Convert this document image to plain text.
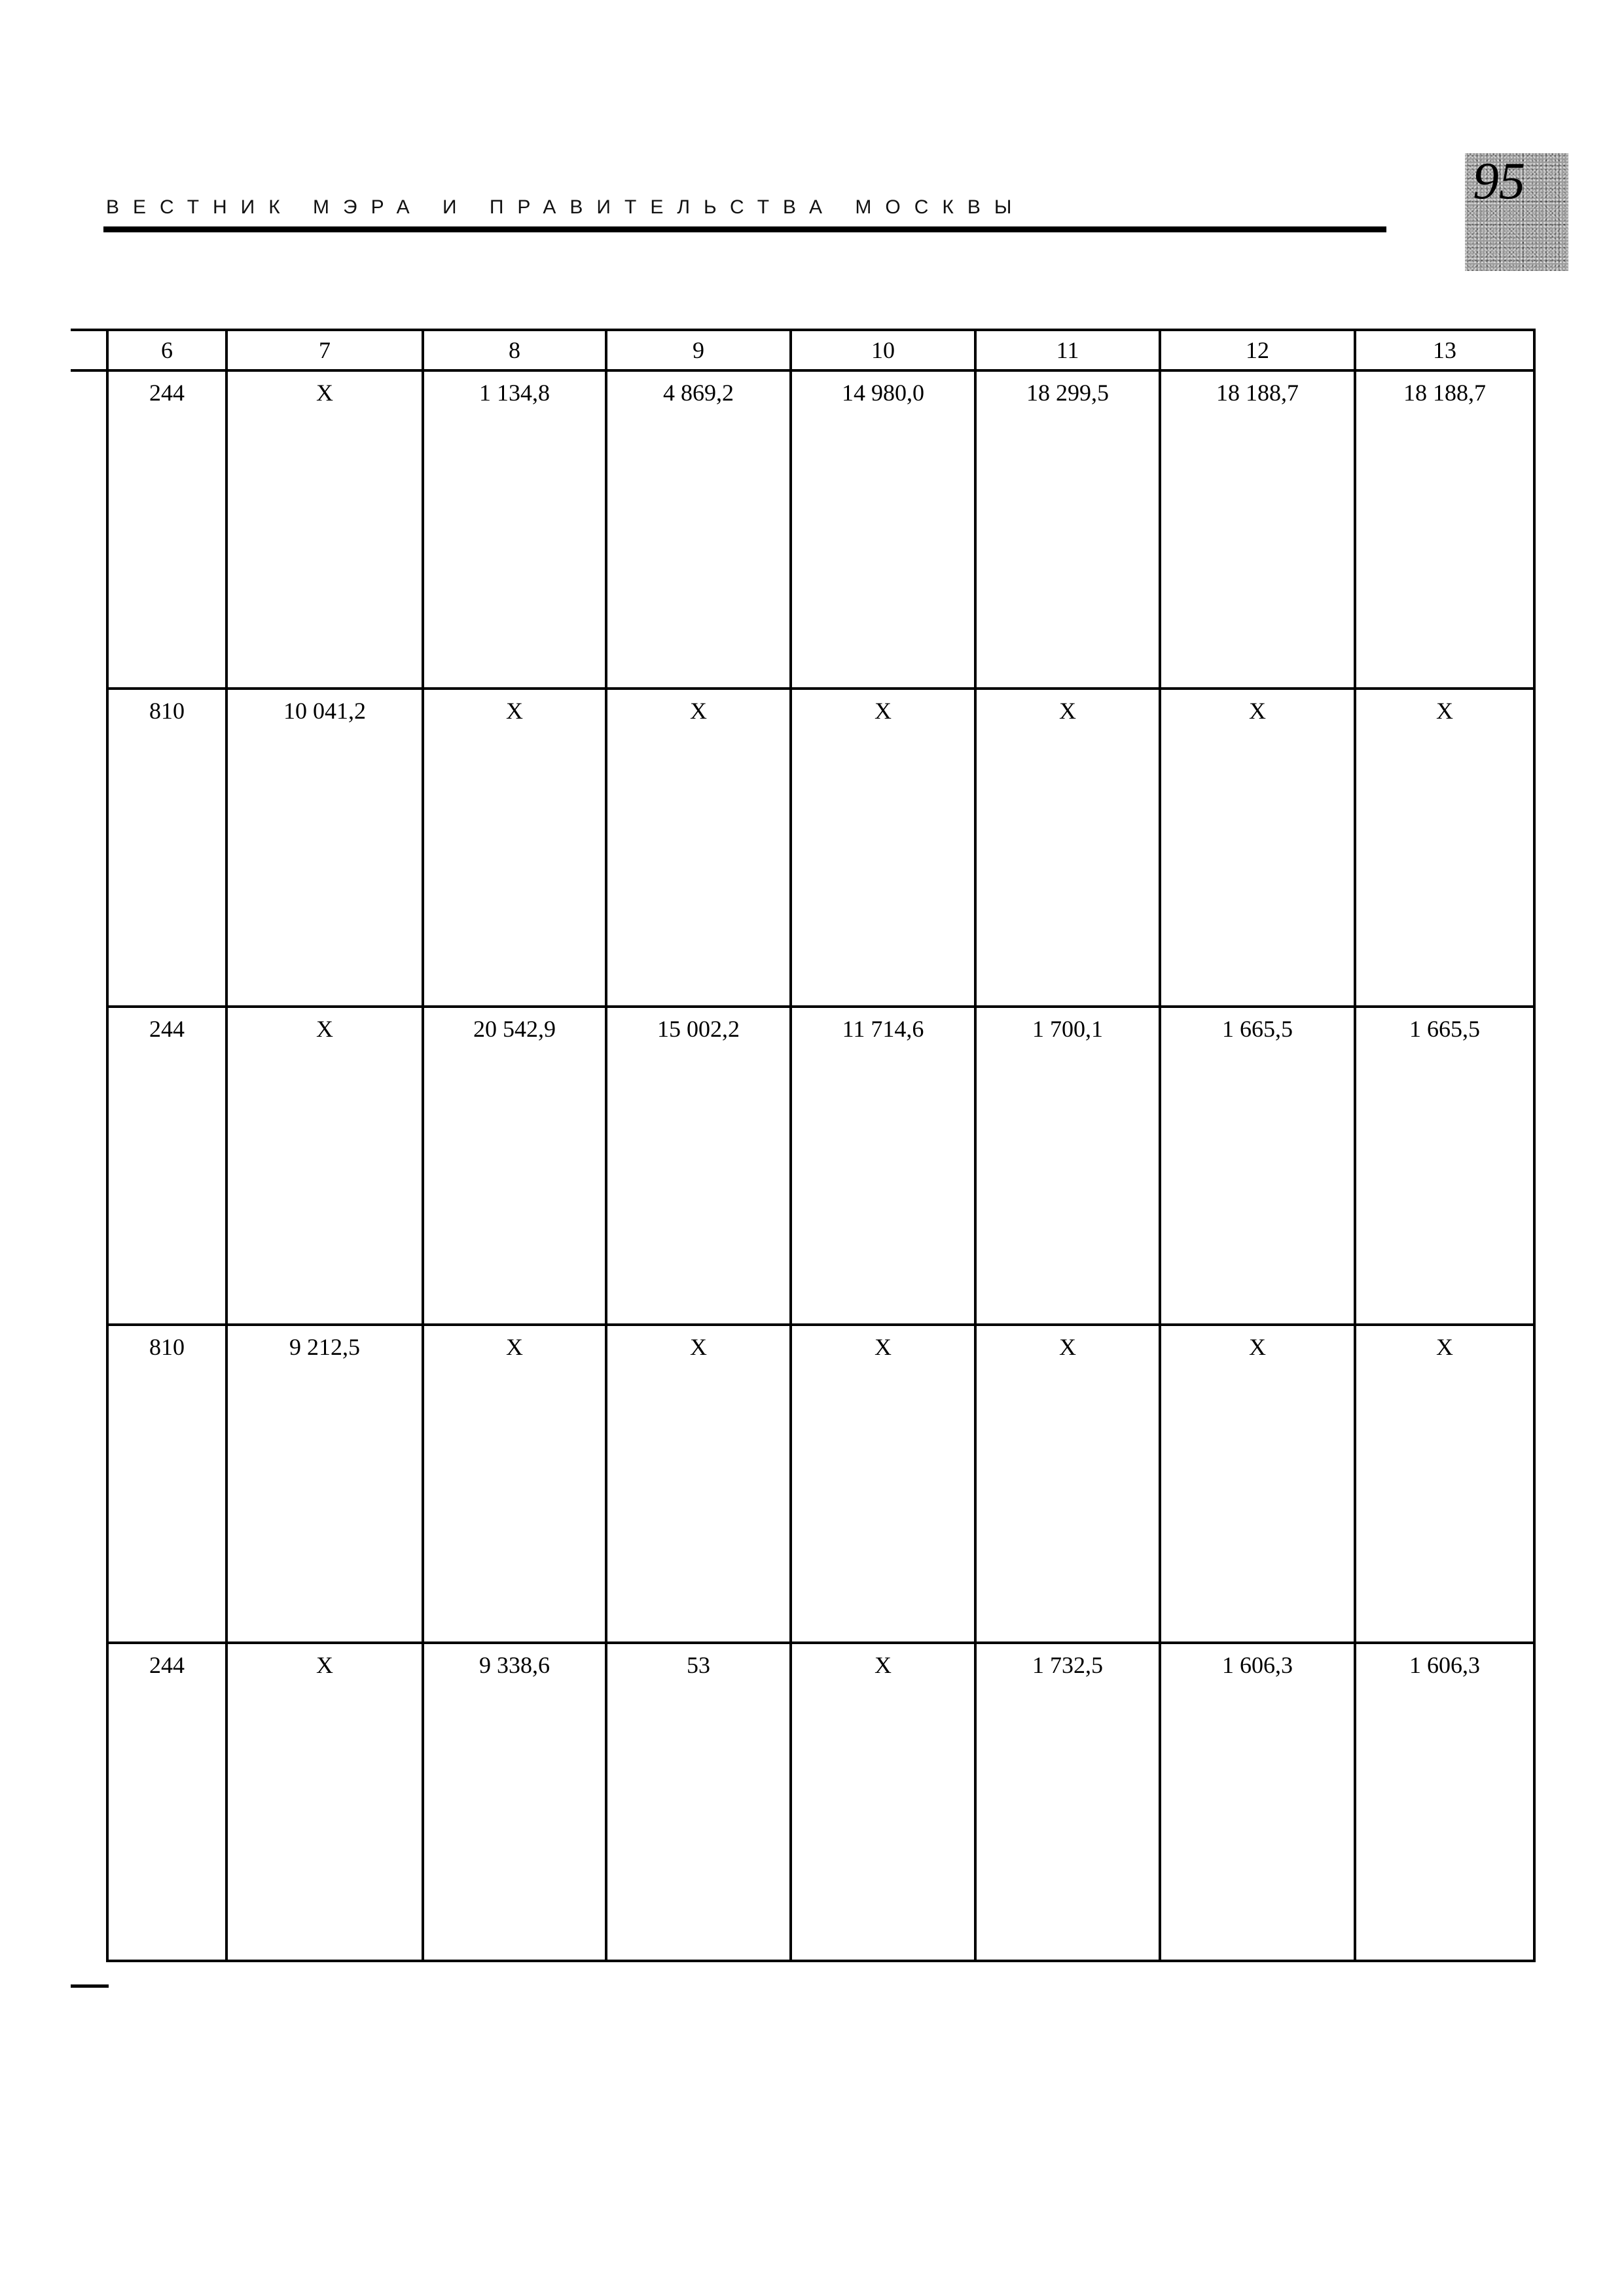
ВЕСТНИК МЭРА И ПРАВИТЕЛЬСТВА МОСКВЫ	95
6	7	8	9	10	11	12	13
244	Х	1 134,8	4 869,2	14 980,0	18 299,5	18 188,7	18 188,7
810	10 041,2	Х	Х	Х	Х	Х	Х
244	Х	20 542,9	15 002,2	11 714,6	1 700,1	1 665,5	1 665,5
810	9 212,5	Х	Х	Х	Х	Х	Х
244	Х	9 338,6	53	Х	1 732,5	1 606,3	1 606,3
